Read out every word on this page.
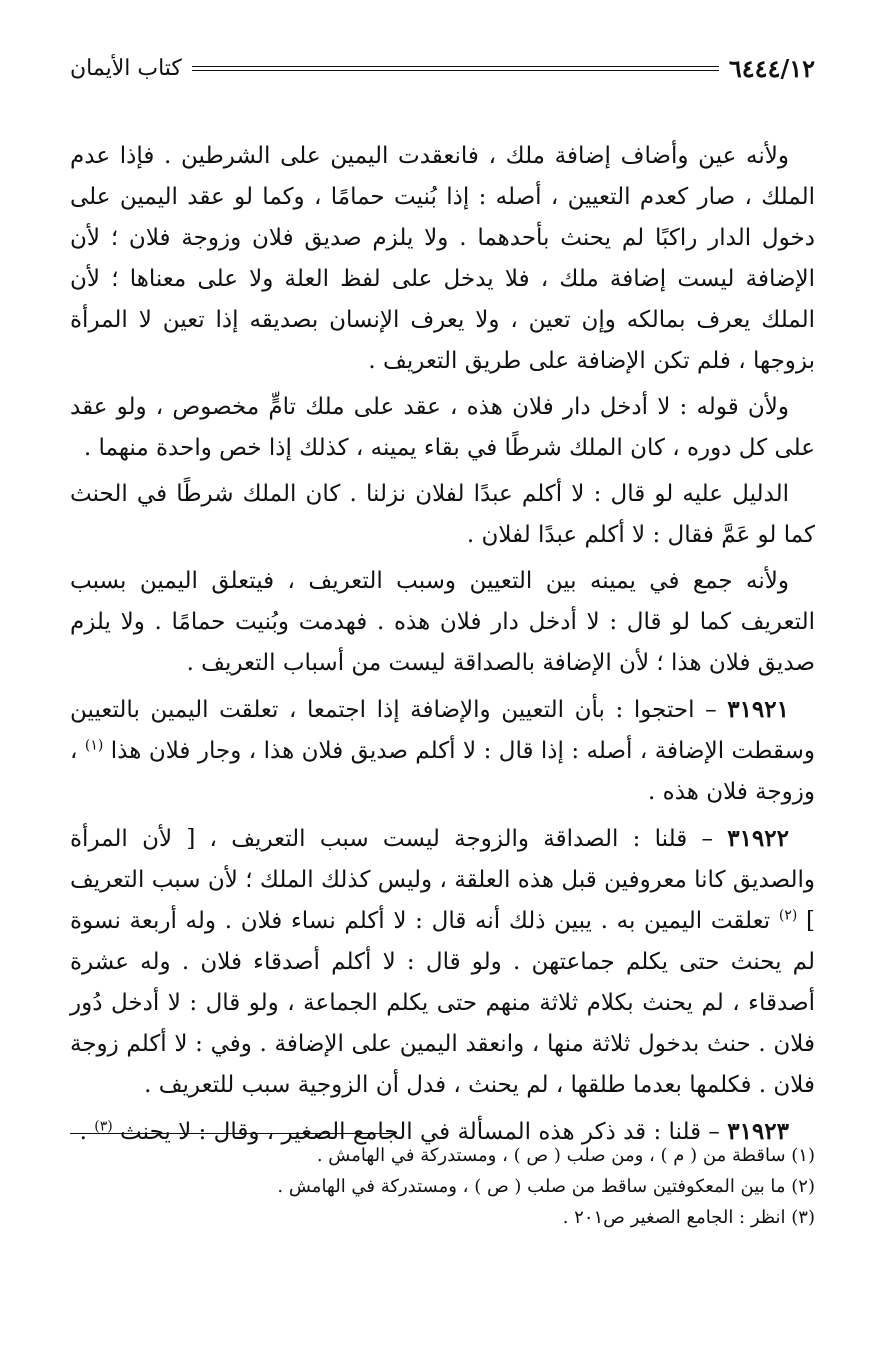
٦٤٤٤/١٢
كتاب الأيمان

ولأنه عين وأضاف إضافة ملك ، فانعقدت اليمين على الشرطين . فإذا عدم الملك ، صار كعدم التعيين ، أصله : إذا بُنيت حمامًا ، وكما لو عقد اليمين على دخول الدار راكبًا لم يحنث بأحدهما . ولا يلزم صديق فلان وزوجة فلان ؛ لأن الإضافة ليست إضافة ملك ، فلا يدخل على لفظ العلة ولا على معناها ؛ لأن الملك يعرف بمالكه وإن تعين ، ولا يعرف الإنسان بصديقه إذا تعين لا المرأة بزوجها ، فلم تكن الإضافة على طريق التعريف .

ولأن قوله : لا أدخل دار فلان هذه ، عقد على ملك تامٍّ مخصوص ، ولو عقد على كل دوره ، كان الملك شرطًا في بقاء يمينه ، كذلك إذا خص واحدة منهما .

الدليل عليه لو قال : لا أكلم عبدًا لفلان نزلنا . كان الملك شرطًا في الحنث كما لو عَمَّ فقال : لا أكلم عبدًا لفلان .

ولأنه جمع في يمينه بين التعيين وسبب التعريف ، فيتعلق اليمين بسبب التعريف كما لو قال : لا أدخل دار فلان هذه . فهدمت وبُنيت حمامًا . ولا يلزم صديق فلان هذا ؛ لأن الإضافة بالصداقة ليست من أسباب التعريف .

٣١٩٢١ – احتجوا : بأن التعيين والإضافة إذا اجتمعا ، تعلقت اليمين بالتعيين وسقطت الإضافة ، أصله : إذا قال : لا أكلم صديق فلان هذا ، وجار فلان هذا $^{(١)}$ ، وزوجة فلان هذه .

٣١٩٢٢ – قلنا : الصداقة والزوجة ليست سبب التعريف ، [ لأن المرأة والصديق كانا معروفين قبل هذه العلقة ، وليس كذلك الملك ؛ لأن سبب التعريف ] $^{(٢)}$ تعلقت اليمين به . يبين ذلك أنه قال : لا أكلم نساء فلان . وله أربعة نسوة لم يحنث حتى يكلم جماعتهن . ولو قال : لا أكلم أصدقاء فلان . وله عشرة أصدقاء ، لم يحنث بكلام ثلاثة منهم حتى يكلم الجماعة ، ولو قال : لا أدخل دُور فلان . حنث بدخول ثلاثة منها ، وانعقد اليمين على الإضافة . وفي : لا أكلم زوجة فلان . فكلمها بعدما طلقها ، لم يحنث ، فدل أن الزوجية سبب للتعريف .

٣١٩٢٣ – قلنا : قد ذكر هذه المسألة في الجامع الصغير ، وقال : لا يحنث $^{(٣)}$ .

(١) ساقطة من ( م ) ، ومن صلب ( ص ) ، ومستدركة في الهامش .

(٢) ما بين المعكوفتين ساقط من صلب ( ص ) ، ومستدركة في الهامش .

(٣) انظر : الجامع الصغير ص٢٠١ .
